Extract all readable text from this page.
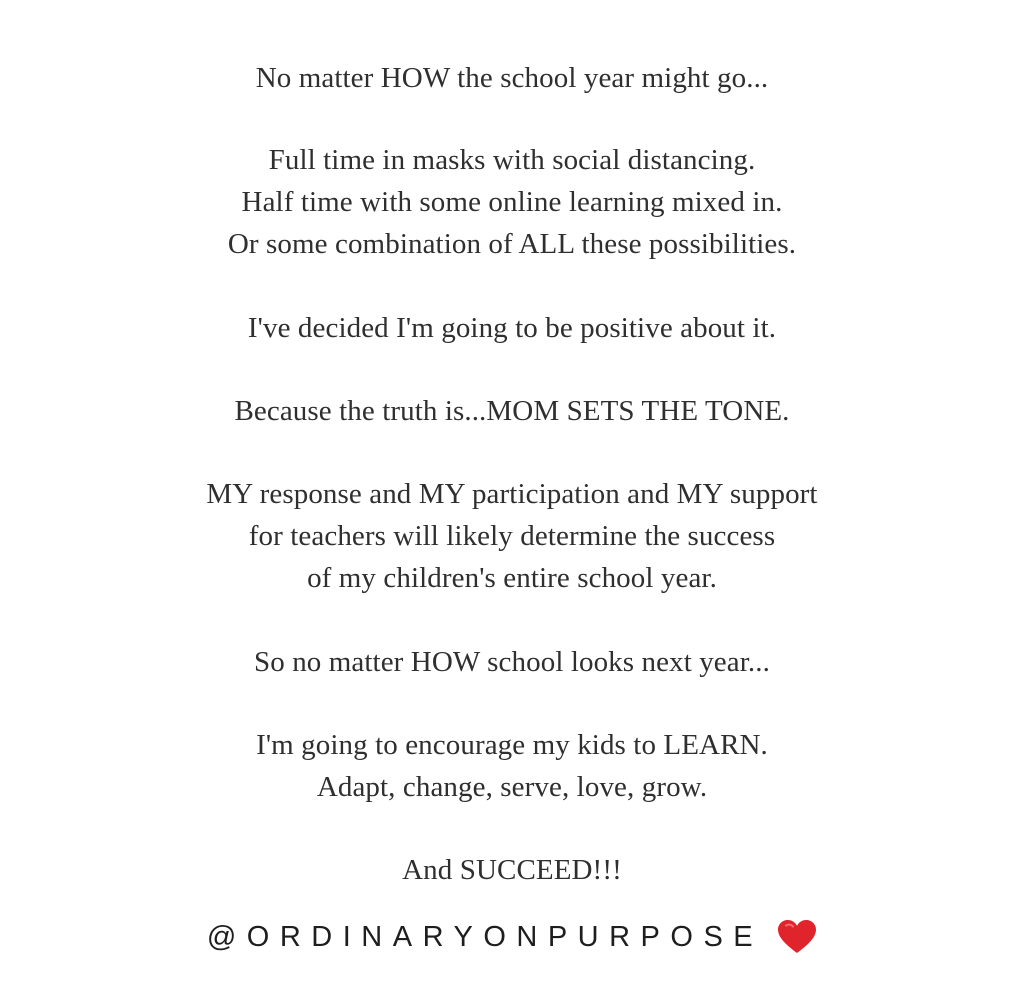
No matter HOW the school year might go...
Full time in masks with social distancing.
Half time with some online learning mixed in.
Or some combination of ALL these possibilities.
I've decided I'm going to be positive about it.
Because the truth is...MOM SETS THE TONE.
MY response and MY participation and MY support
for teachers will likely determine the success
of my children's entire school year.
So no matter HOW school looks next year...
I'm going to encourage my kids to LEARN.
Adapt, change, serve, love, grow.
And SUCCEED!!!
@ORDINARYONPURPOSE
